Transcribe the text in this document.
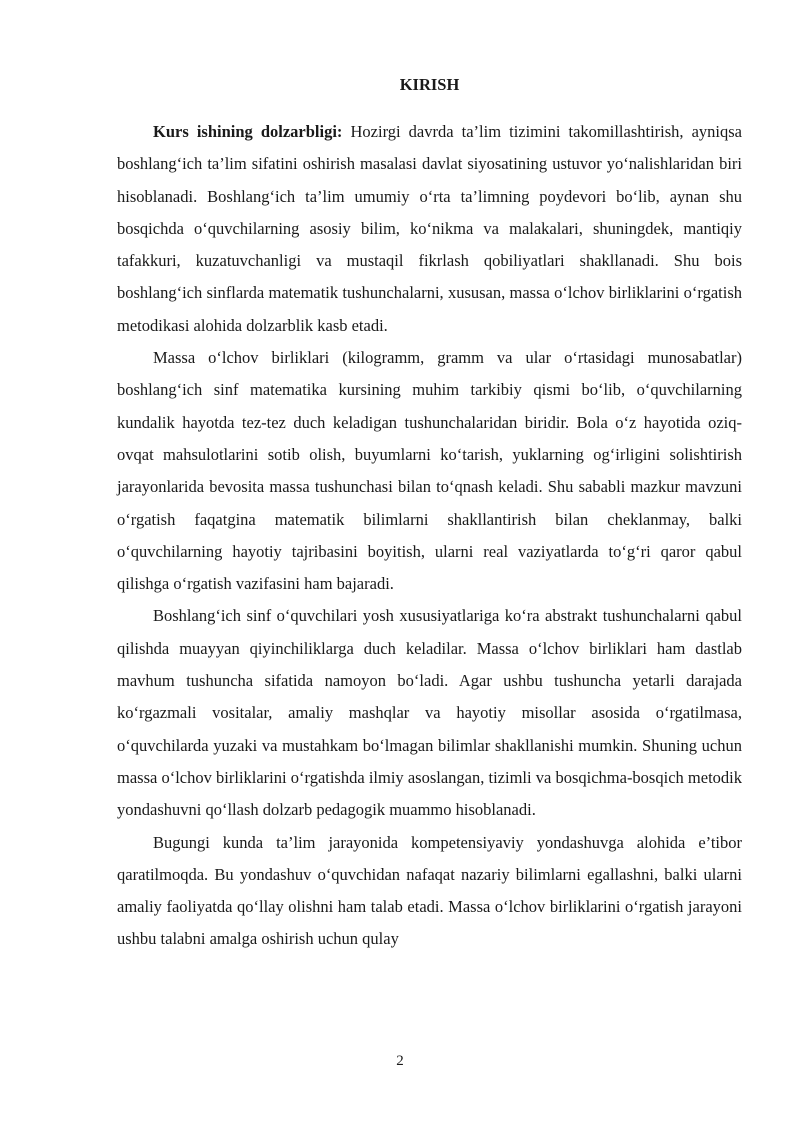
KIRISH

Kurs ishining dolzarbligi: Hozirgi davrda ta’lim tizimini takomillashtirish, ayniqsa boshlang‘ich ta’lim sifatini oshirish masalasi davlat siyosatining ustuvor yo‘nalishlaridan biri hisoblanadi. Boshlang‘ich ta’lim umumiy o‘rta ta’limning poydevori bo‘lib, aynan shu bosqichda o‘quvchilarning asosiy bilim, ko‘nikma va malakalari, shuningdek, mantiqiy tafakkuri, kuzatuvchanligi va mustaqil fikrlash qobiliyatlari shakllanadi. Shu bois boshlang‘ich sinflarda matematik tushunchalarni, xususan, massa o‘lchov birliklarini o‘rgatish metodikasi alohida dolzarblik kasb etadi.

Massa o‘lchov birliklari (kilogramm, gramm va ular o‘rtasidagi munosabatlar) boshlang‘ich sinf matematika kursining muhim tarkibiy qismi bo‘lib, o‘quvchilarning kundalik hayotda tez-tez duch keladigan tushunchalaridan biridir. Bola o‘z hayotida oziq-ovqat mahsulotlarini sotib olish, buyumlarni ko‘tarish, yuklarning og‘irligini solishtirish jarayonlarida bevosita massa tushunchasi bilan to‘qnash keladi. Shu sababli mazkur mavzuni o‘rgatish faqatgina matematik bilimlarni shakllantirish bilan cheklanmay, balki o‘quvchilarning hayotiy tajribasini boyitish, ularni real vaziyatlarda to‘g‘ri qaror qabul qilishga o‘rgatish vazifasini ham bajaradi.

Boshlang‘ich sinf o‘quvchilari yosh xususiyatlariga ko‘ra abstrakt tushunchalarni qabul qilishda muayyan qiyinchiliklarga duch keladilar. Massa o‘lchov birliklari ham dastlab mavhum tushuncha sifatida namoyon bo‘ladi. Agar ushbu tushuncha yetarli darajada ko‘rgazmali vositalar, amaliy mashqlar va hayotiy misollar asosida o‘rgatilmasa, o‘quvchilarda yuzaki va mustahkam bo‘lmagan bilimlar shakllanishi mumkin. Shuning uchun massa o‘lchov birliklarini o‘rgatishda ilmiy asoslangan, tizimli va bosqichma-bosqich metodik yondashuvni qo‘llash dolzarb pedagogik muammo hisoblanadi.

Bugungi kunda ta’lim jarayonida kompetensiyaviy yondashuvga alohida e’tibor qaratilmoqda. Bu yondashuv o‘quvchidan nafaqat nazariy bilimlarni egallashni, balki ularni amaliy faoliyatda qo‘llay olishni ham talab etadi. Massa o‘lchov birliklarini o‘rgatish jarayoni ushbu talabni amalga oshirish uchun qulay

2
